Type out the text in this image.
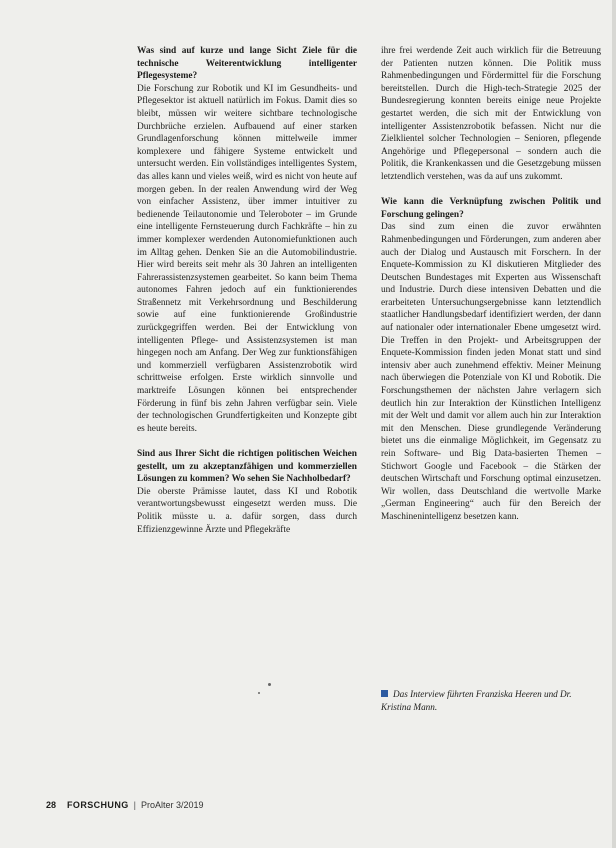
Was sind auf kurze und lange Sicht Ziele für die technische Weiterentwicklung intelligenter Pflegesysteme?

Die Forschung zur Robotik und KI im Gesundheits- und Pflegesektor ist aktuell natürlich im Fokus. Damit dies so bleibt, müssen wir weitere sichtbare technologische Durchbrüche erzielen. Aufbauend auf einer starken Grundlagenforschung können mittelweile immer komplexere und fähigere Systeme entwickelt und untersucht werden. Ein vollständiges intelligentes System, das alles kann und vieles weiß, wird es nicht von heute auf morgen geben. In der realen Anwendung wird der Weg von einfacher Assistenz, über immer intuitiver zu bedienende Teilautonomie und Teleroboter – im Grunde eine intelligente Fernsteuerung durch Fachkräfte – hin zu immer komplexer werdenden Autonomiefunktionen auch im Alltag gehen. Denken Sie an die Automobilindustrie. Hier wird bereits seit mehr als 30 Jahren an intelligenten Fahrerassistenzsystemen gearbeitet. So kann beim Thema autonomes Fahren jedoch auf ein funktionierendes Straßennetz mit Verkehrsordnung und Beschilderung sowie auf eine funktionierende Großindustrie zurückgegriffen werden. Bei der Entwicklung von intelligenten Pflege- und Assistenzsystemen ist man hingegen noch am Anfang. Der Weg zur funktionsfähigen und kommerziell verfügbaren Assistenzrobotik wird schrittweise erfolgen. Erste wirklich sinnvolle und marktreife Lösungen können bei entsprechender Förderung in fünf bis zehn Jahren verfügbar sein. Viele der technologischen Grundfertigkeiten und Konzepte gibt es heute bereits.

Sind aus Ihrer Sicht die richtigen politischen Weichen gestellt, um zu akzeptanzfähigen und kommerziellen Lösungen zu kommen? Wo sehen Sie Nachholbedarf?

Die oberste Prämisse lautet, dass KI und Robotik verantwortungsbewusst eingesetzt werden muss. Die Politik müsste u. a. dafür sorgen, dass durch Effizienzgewinne Ärzte und Pflegekräfte

ihre frei werdende Zeit auch wirklich für die Betreuung der Patienten nutzen können. Die Politik muss Rahmenbedingungen und Fördermittel für die Forschung bereitstellen. Durch die High-tech-Strategie 2025 der Bundesregierung konnten bereits einige neue Projekte gestartet werden, die sich mit der Entwicklung von intelligenter Assistenzrobotik befassen. Nicht nur die Zielklientel solcher Technologien – Senioren, pflegende Angehörige und Pflegepersonal – sondern auch die Politik, die Krankenkassen und die Gesetzgebung müssen letztendlich verstehen, was da auf uns zukommt.

Wie kann die Verknüpfung zwischen Politik und Forschung gelingen?

Das sind zum einen die zuvor erwähnten Rahmenbedingungen und Förderungen, zum anderen aber auch der Dialog und Austausch mit Forschern. In der Enquete-Kommission zu KI diskutieren Mitglieder des Deutschen Bundestages mit Experten aus Wissenschaft und Industrie. Durch diese intensiven Debatten und die erarbeiteten Untersuchungsergebnisse kann letztendlich staatlicher Handlungsbedarf identifiziert werden, der dann auf nationaler oder internationaler Ebene umgesetzt wird. Die Treffen in den Projekt- und Arbeitsgruppen der Enquete-Kommission finden jeden Monat statt und sind intensiv aber auch zunehmend effektiv. Meiner Meinung nach überwiegen die Potenziale von KI und Robotik. Die Forschungsthemen der nächsten Jahre verlagern sich deutlich hin zur Interaktion der Künstlichen Intelligenz mit der Welt und damit vor allem auch hin zur Interaktion mit den Menschen. Diese grundlegende Veränderung bietet uns die einmalige Möglichkeit, im Gegensatz zu rein Software- und Big Data-basierten Themen – Stichwort Google und Facebook – die Stärken der deutschen Wirtschaft und Forschung optimal einzusetzen. Wir wollen, dass Deutschland die wertvolle Marke „German Engineering“ auch für den Bereich der Maschinenintelligenz besetzen kann.

Das Interview führten Franziska Heeren und Dr. Kristina Mann.
28 FORSCHUNG | ProAlter 3/2019
